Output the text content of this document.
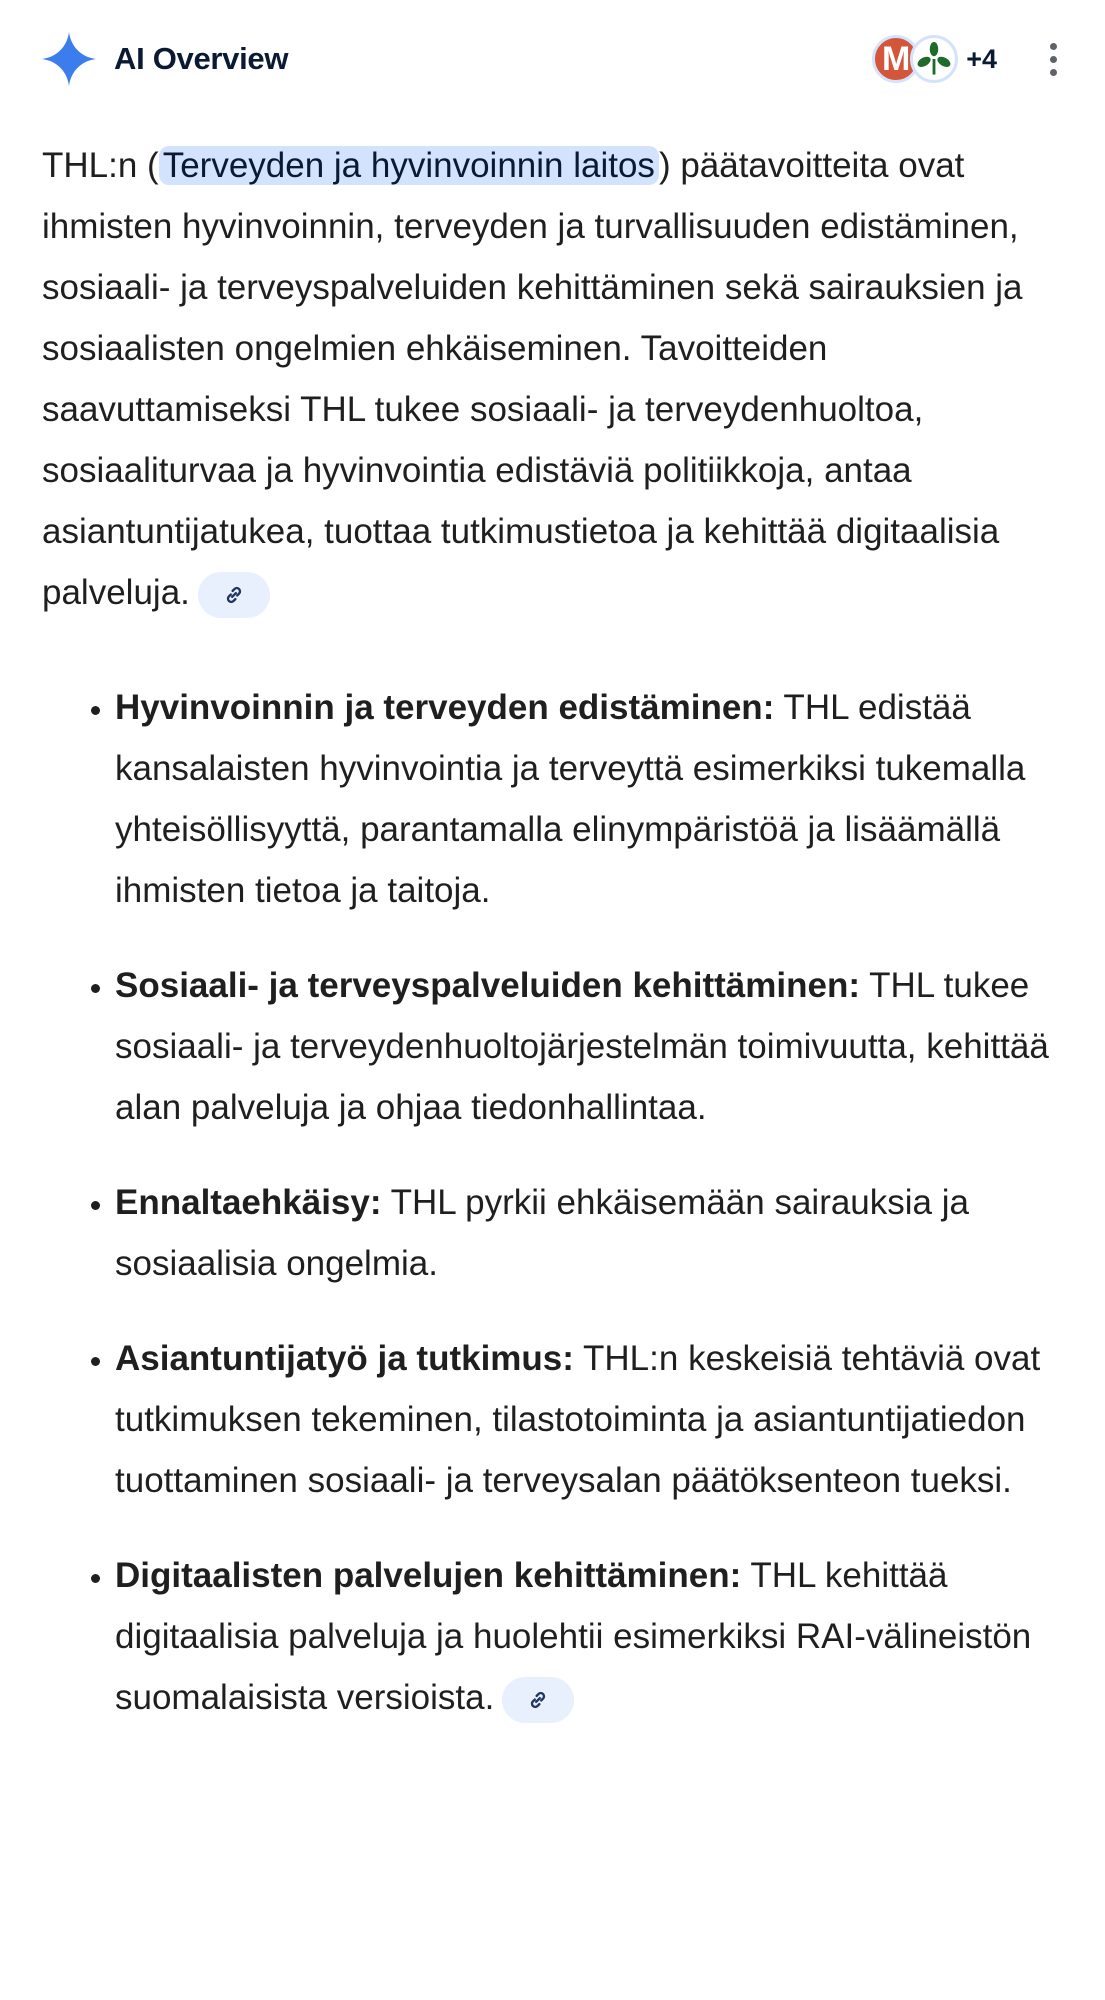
AI Overview	M	+4

THL:n ( Terveyden ja hyvinvoinnin laitos ) päätavoitteita ovat ihmisten hyvinvoinnin, terveyden ja turvallisuuden edistäminen, sosiaali- ja terveyspalveluiden kehittäminen sekä sairauksien ja sosiaalisten ongelmien ehkäiseminen. Tavoitteiden saavuttamiseksi THL tukee sosiaali- ja terveydenhuoltoa, sosiaaliturvaa ja hyvinvointia edistäviä politiikkoja, antaa asiantuntijatukea, tuottaa tutkimustietoa ja kehittää digitaalisia palveluja.

• Hyvinvoinnin ja terveyden edistäminen: THL edistää kansalaisten hyvinvointia ja terveyttä esimerkiksi tukemalla yhteisöllisyyttä, parantamalla elinympäristöä ja lisäämällä ihmisten tietoa ja taitoja.
• Sosiaali- ja terveyspalveluiden kehittäminen: THL tukee sosiaali- ja terveydenhuoltojärjestelmän toimivuutta, kehittää alan palveluja ja ohjaa tiedonhallintaa.
• Ennaltaehkäisy: THL pyrkii ehkäisemään sairauksia ja sosiaalisia ongelmia.
• Asiantuntijatyö ja tutkimus: THL:n keskeisiä tehtäviä ovat tutkimuksen tekeminen, tilastotoiminta ja asiantuntijatiedon tuottaminen sosiaali- ja terveysalan päätöksenteon tueksi.
• Digitaalisten palvelujen kehittäminen: THL kehittää digitaalisia palveluja ja huolehtii esimerkiksi RAI-välineistön suomalaisista versioista.
